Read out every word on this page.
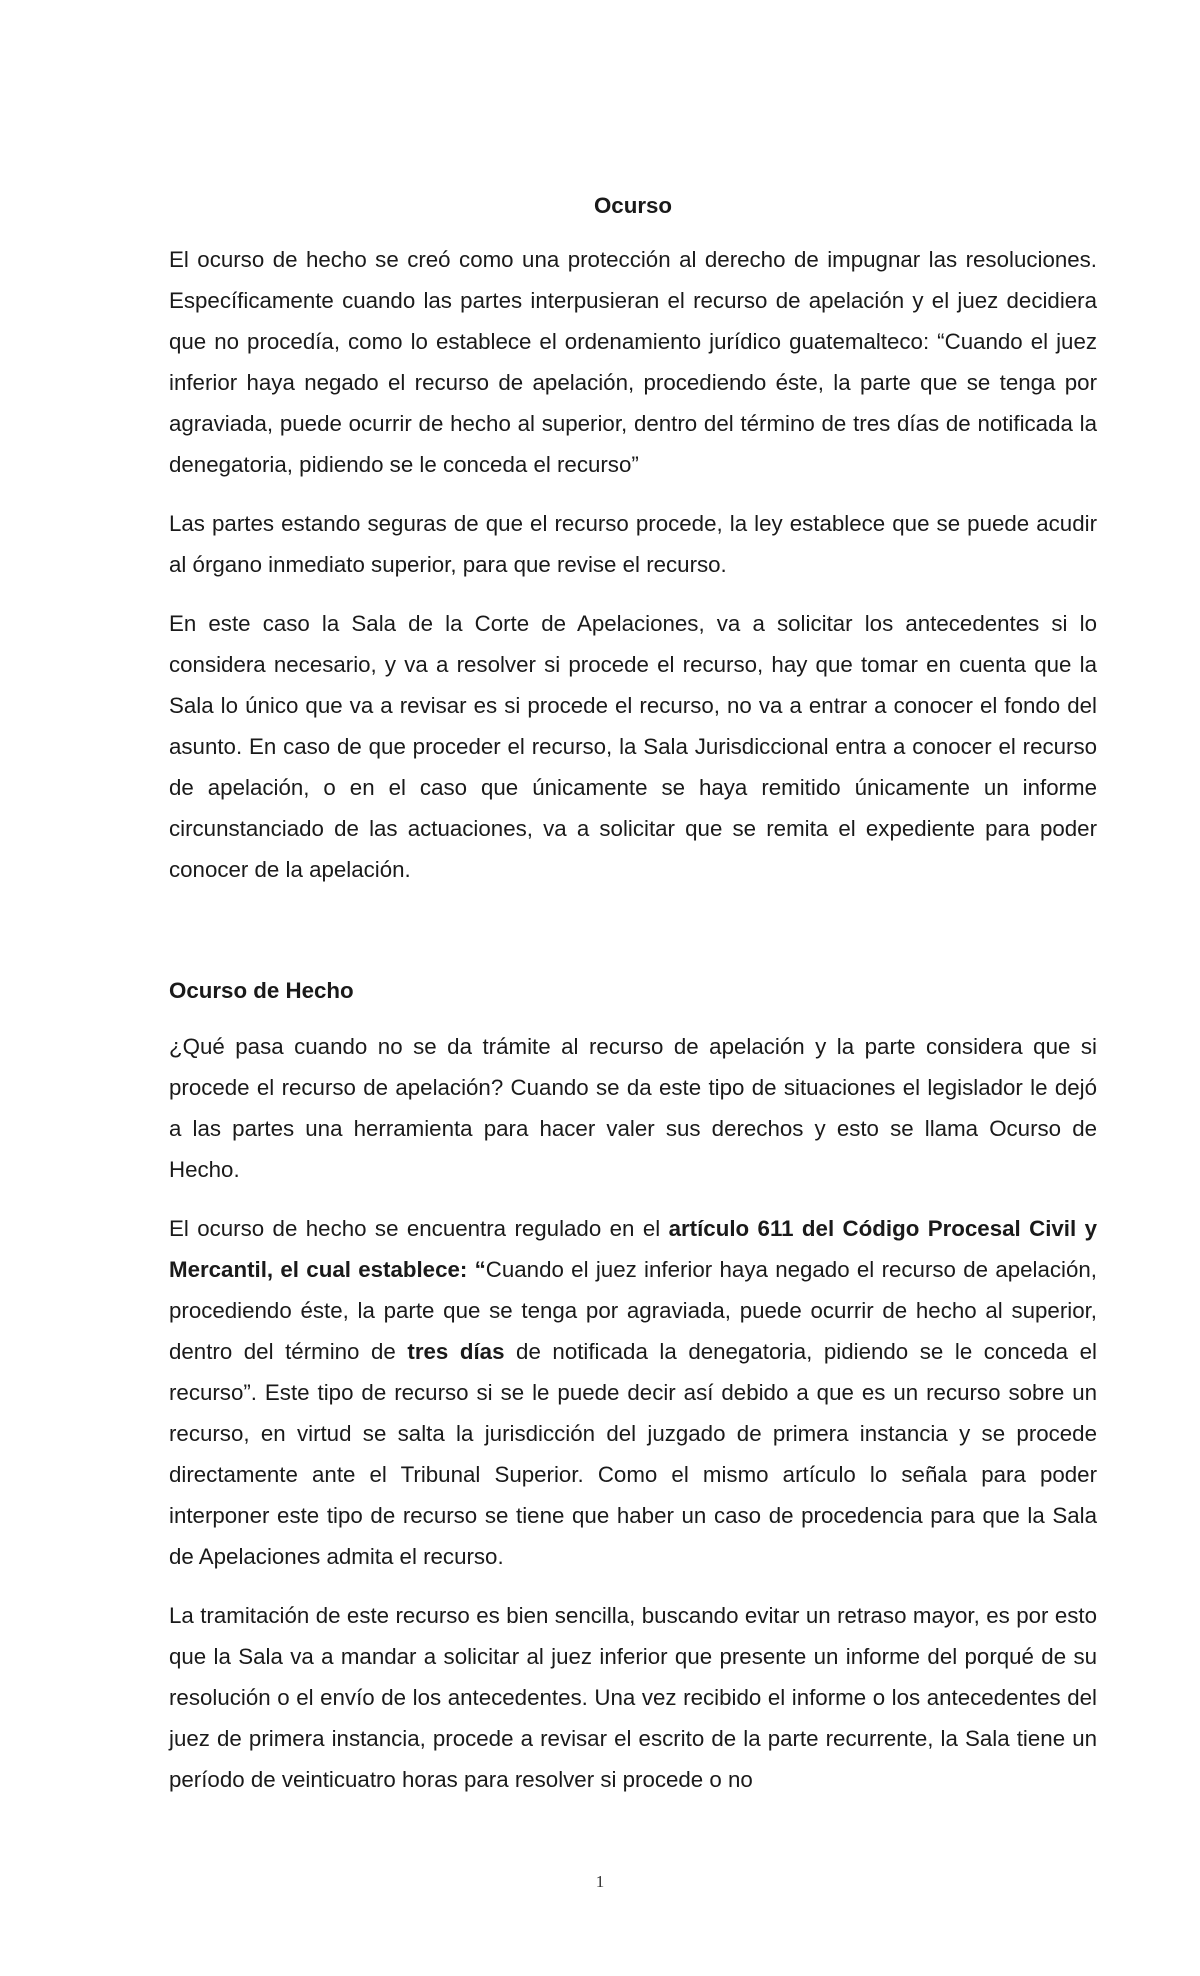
Ocurso

El ocurso de hecho se creó como una protección al derecho de impugnar las resoluciones. Específicamente cuando las partes interpusieran el recurso de apelación y el juez decidiera que no procedía, como lo establece el ordenamiento jurídico guatemalteco: “Cuando el juez inferior haya negado el recurso de apelación, procediendo éste, la parte que se tenga por agraviada, puede ocurrir de hecho al superior, dentro del término de tres días de notificada la denegatoria, pidiendo se le conceda el recurso”

Las partes estando seguras de que el recurso procede, la ley establece que se puede acudir al órgano inmediato superior, para que revise el recurso.

En este caso la Sala de la Corte de Apelaciones, va a solicitar los antecedentes si lo considera necesario, y va a resolver si procede el recurso, hay que tomar en cuenta que la Sala lo único que va a revisar es si procede el recurso, no va a entrar a conocer el fondo del asunto. En caso de que proceder el recurso, la Sala Jurisdiccional entra a conocer el recurso de apelación, o en el caso que únicamente se haya remitido únicamente un informe circunstanciado de las actuaciones, va a solicitar que se remita el expediente para poder conocer de la apelación.

Ocurso de Hecho

¿Qué pasa cuando no se da trámite al recurso de apelación y la parte considera que si procede el recurso de apelación? Cuando se da este tipo de situaciones el legislador le dejó a las partes una herramienta para hacer valer sus derechos y esto se llama Ocurso de Hecho.

El ocurso de hecho se encuentra regulado en el artículo 611 del Código Procesal Civil y Mercantil, el cual establece: “Cuando el juez inferior haya negado el recurso de apelación, procediendo éste, la parte que se tenga por agraviada, puede ocurrir de hecho al superior, dentro del término de tres días de notificada la denegatoria, pidiendo se le conceda el recurso”. Este tipo de recurso si se le puede decir así debido a que es un recurso sobre un recurso, en virtud se salta la jurisdicción del juzgado de primera instancia y se procede directamente ante el Tribunal Superior. Como el mismo artículo lo señala para poder interponer este tipo de recurso se tiene que haber un caso de procedencia para que la Sala de Apelaciones admita el recurso.

La tramitación de este recurso es bien sencilla, buscando evitar un retraso mayor, es por esto que la Sala va a mandar a solicitar al juez inferior que presente un informe del porqué de su resolución o el envío de los antecedentes. Una vez recibido el informe o los antecedentes del juez de primera instancia, procede a revisar el escrito de la parte recurrente, la Sala tiene un período de veinticuatro horas para resolver si procede o no

1
